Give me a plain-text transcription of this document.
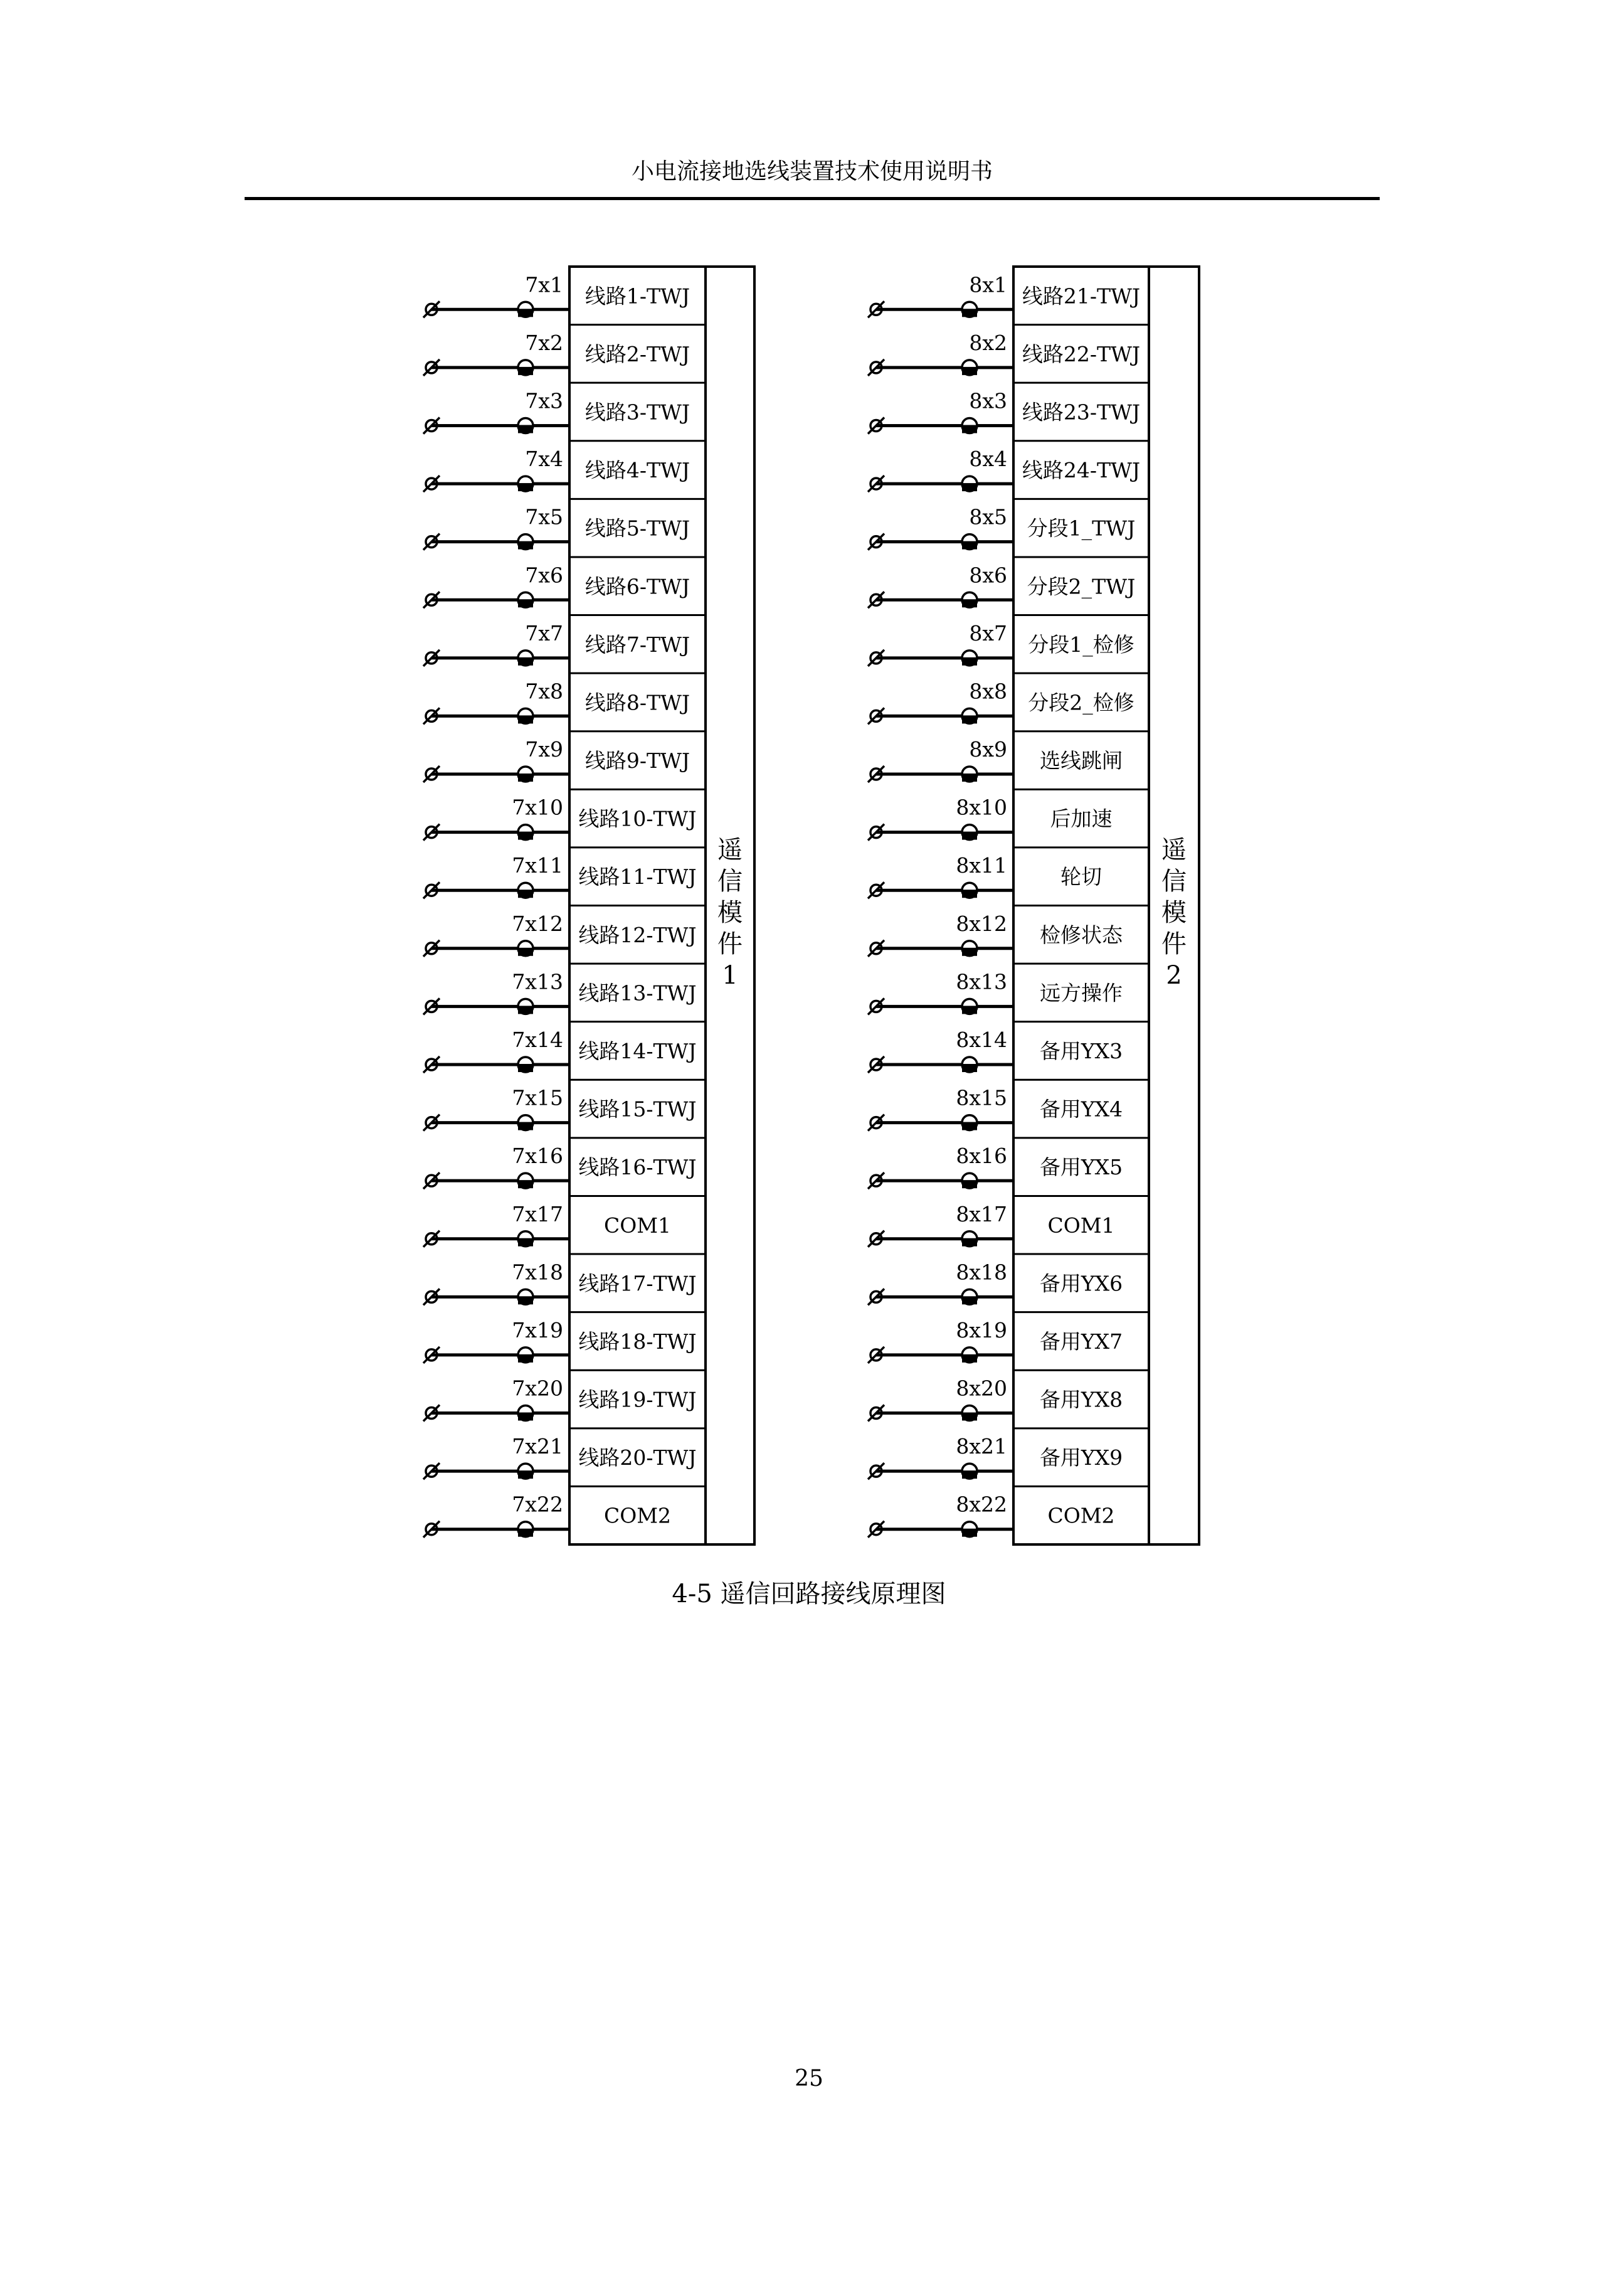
小电流接地选线装置技术使用说明书
7x1 线路1-TWJ
7x2 线路2-TWJ
7x3 线路3-TWJ
7x4 线路4-TWJ
7x5 线路5-TWJ
7x6 线路6-TWJ
7x7 线路7-TWJ
7x8 线路8-TWJ
7x9 线路9-TWJ
7x10 线路10-TWJ
7x11 线路11-TWJ
7x12 线路12-TWJ
7x13 线路13-TWJ
7x14 线路14-TWJ
7x15 线路15-TWJ
7x16 线路16-TWJ
7x17 COM1
7x18 线路17-TWJ
7x19 线路18-TWJ
7x20 线路19-TWJ
7x21 线路20-TWJ
7x22 COM2
遥
信
模
件
1
8x1 线路21-TWJ
8x2 线路22-TWJ
8x3 线路23-TWJ
8x4 线路24-TWJ
8x5 分段1_TWJ
8x6 分段2_TWJ
8x7 分段1_检修
8x8 分段2_检修
8x9 选线跳闸
8x10 后加速
8x11	轮切
8x12 检修状态
8x13 远方操作
8x14 备用YX3
8x15 备用YX4
8x16 备用YX5
8x17 COM1
8x18 备用YX6
8x19 备用YX7
8x20 备用YX8
8x21 备用YX9
8x22 COM2
遥
信
模
件
2
4-5 遥信回路接线原理图
25
